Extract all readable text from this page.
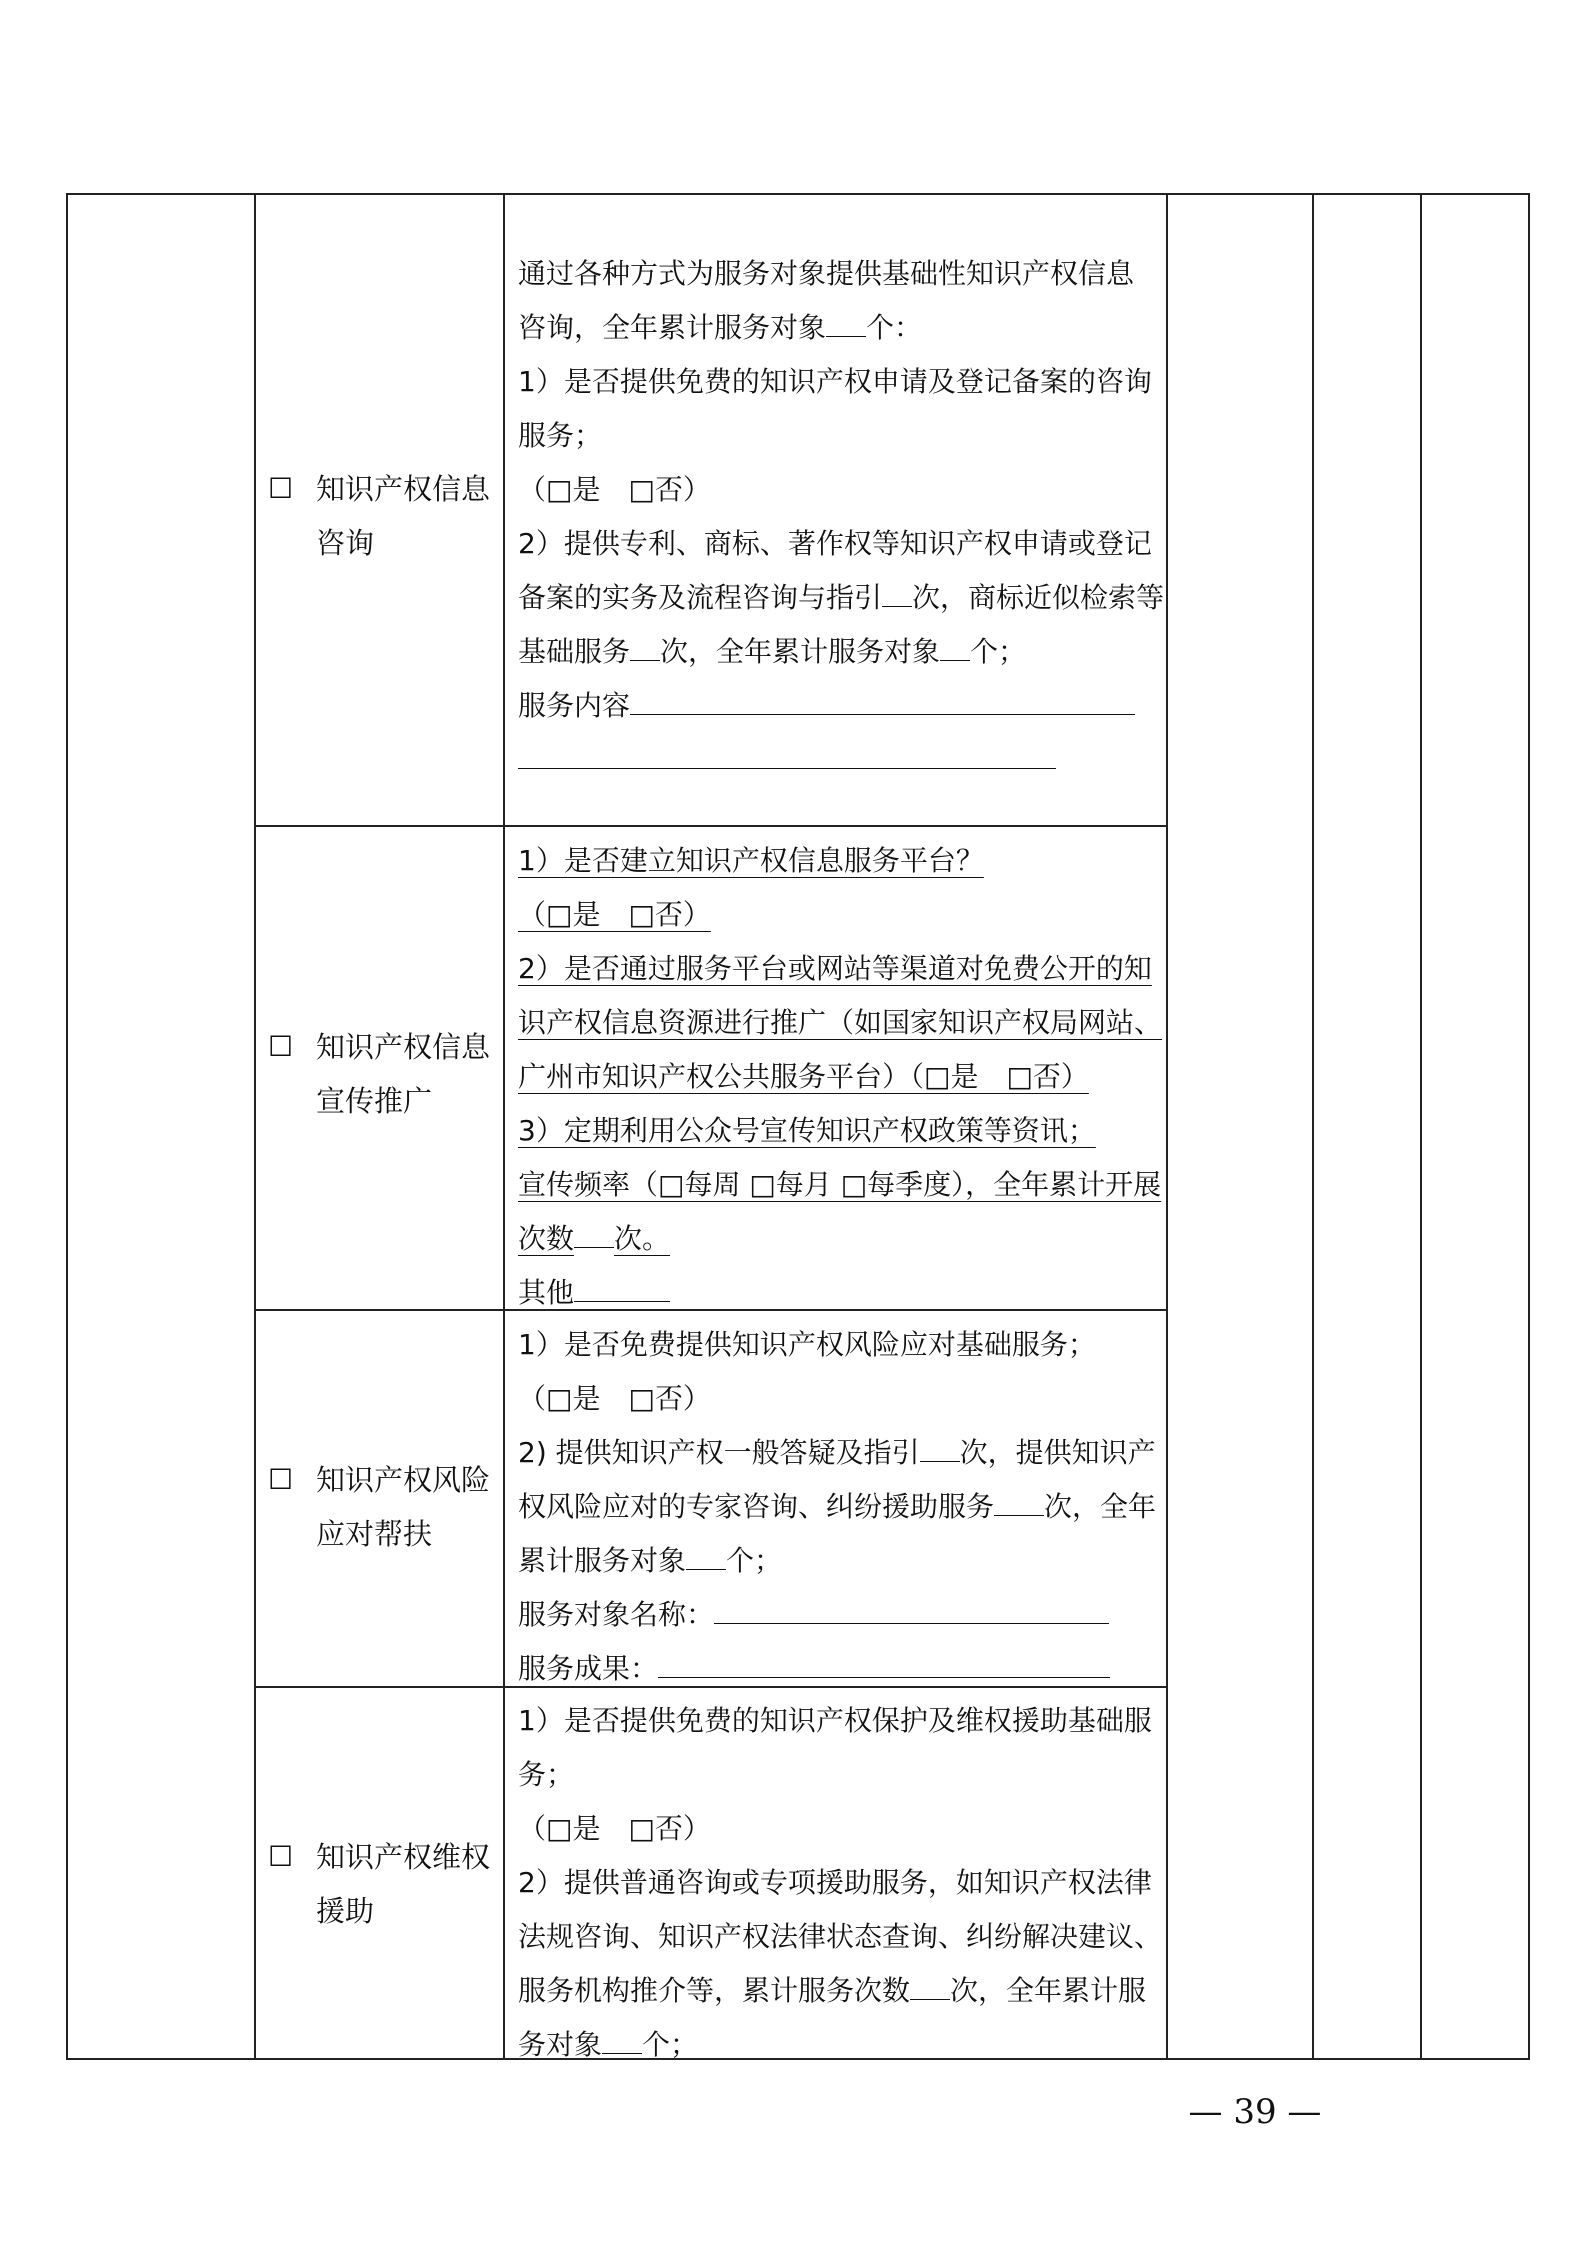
☐ 知识产权信息
咨询
通过各种方式为服务对象提供基础性知识产权信息
咨询，全年累计服务对象 个：
1）是否提供免费的知识产权申请及登记备案的咨询
服务；
（□是　□否）
2）提供专利、商标、著作权等知识产权申请或登记
备案的实务及流程咨询与指引 次，商标近似检索等
基础服务 次，全年累计服务对象 个；
服务内容
☐ 知识产权信息
宣传推广
1）是否建立知识产权信息服务平台？
（□是　□否）
2）是否通过服务平台或网站等渠道对免费公开的知
识产权信息资源进行推广（如国家知识产权局网站、
广州市知识产权公共服务平台）（□是　□否）
3）定期利用公众号宣传知识产权政策等资讯；
宣传频率（□每周 □每月 □每季度），全年累计开展
次数 次。
其他
☐ 知识产权风险
应对帮扶
1）是否免费提供知识产权风险应对基础服务；
（□是　□否）
2) 提供知识产权一般答疑及指引 次，提供知识产
权风险应对的专家咨询、纠纷援助服务 次，全年
累计服务对象 个；
服务对象名称：
服务成果：
☐ 知识产权维权
援助
1）是否提供免费的知识产权保护及维权援助基础服
务；
（□是　□否）
2）提供普通咨询或专项援助服务，如知识产权法律
法规咨询、知识产权法律状态查询、纠纷解决建议、
服务机构推介等，累计服务次数 次，全年累计服
务对象 个；
— 39 —
